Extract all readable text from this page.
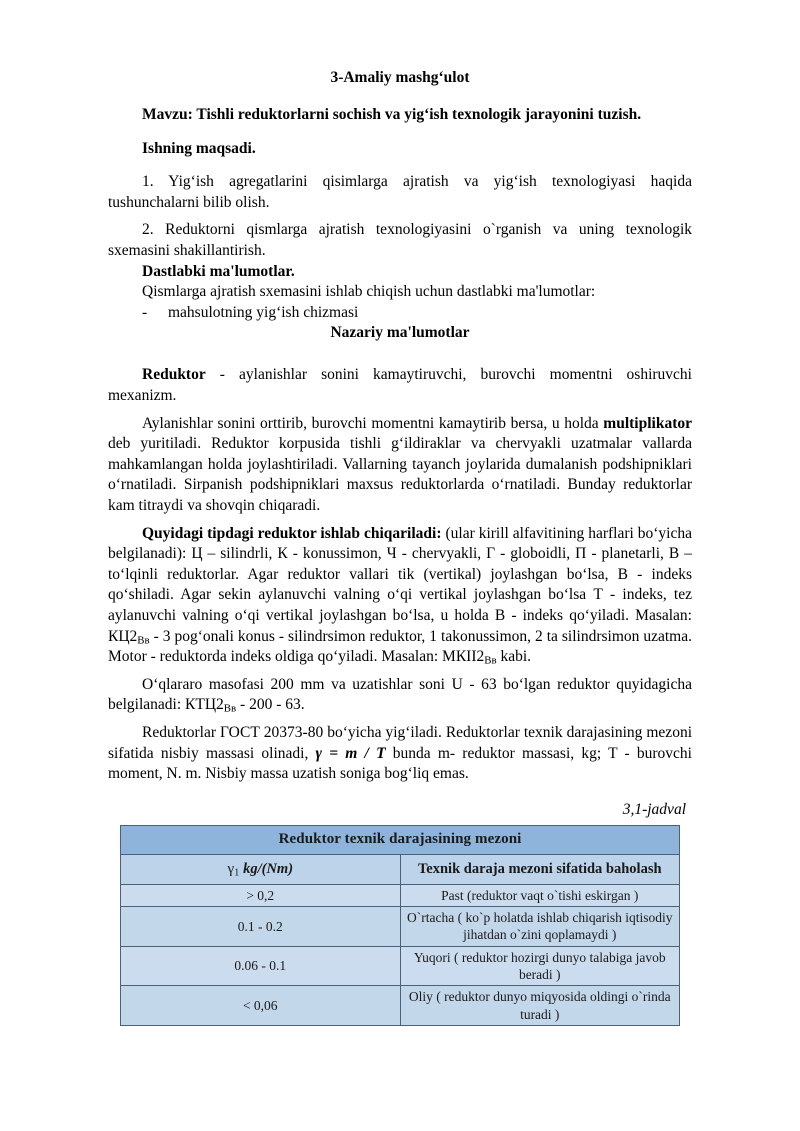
3-Amaliy mashg‘ulot

Mavzu: Tishli reduktorlarni sochish va yig‘ish texnologik jarayonini tuzish.

Ishning maqsadi.

1. Yig‘ish agregatlarini qisimlarga ajratish va yig‘ish texnologiyasi haqida tushunchalarni bilib olish.

2. Reduktorni qismlarga ajratish texnologiyasini o`rganish va uning texnologik sxemasini shakillantirish.

Dastlabki ma'lumotlar.

Qismlarga ajratish sxemasini ishlab chiqish uchun dastlabki ma'lumotlar:

- mahsulotning yig‘ish chizmasi

Nazariy ma'lumotlar

Reduktor - aylanishlar sonini kamaytiruvchi, burovchi momentni oshiruvchi mexanizm.

Aylanishlar sonini orttirib, burovchi momentni kamaytirib bersa, u holda multiplikator deb yuritiladi. Reduktor korpusida tishli g‘ildiraklar va chervyakli uzatmalar vallarda mahkamlangan holda joylashtiriladi. Vallarning tayanch joylarida dumalanish podshipniklari o‘rnatiladi. Sirpanish podshipniklari maxsus reduktorlarda o‘rnatiladi. Bunday reduktorlar kam titraydi va shovqin chiqaradi.

Quyidagi tipdagi reduktor ishlab chiqariladi: (ular kirill alfavitining harflari bo‘yicha belgilanadi): Ц – silindrli, К - konussimon, Ч - chervyakli, Г - globoidli, П - planetarli, В – to‘lqinli reduktorlar. Agar reduktor vallari tik (vertikal) joylashgan bo‘lsa, В - indeks qo‘shiladi. Agar sekin aylanuvchi valning o‘qi vertikal joylashgan bo‘lsa Т - indeks, tez aylanuvchi valning o‘qi vertikal joylashgan bo‘lsa, u holda В - indeks qo‘yiladi. Masalan: $КЦ2_{Вв} - 3$ pog‘onali konus - silindrsimon reduktor, 1 takonussimon, 2 ta silindrsimon uzatma. Motor - reduktorda indeks oldiga qo‘yiladi. Masalan: $МКII2_{Вв}$ kabi.

O‘qlararo masofasi 200 mm va uzatishlar soni U - 63 bo‘lgan reduktor quyidagicha belgilanadi: $КТЦ2_{Вв} - 200 - 63$.

Reduktorlar ГОСТ 20373-80 bo‘yicha yig‘iladi. Reduktorlar texnik darajasining mezoni sifatida nisbiy massasi olinadi, γ = m / T bunda m- reduktor massasi, kg; T - burovchi moment, N. m. Nisbiy massa uzatish soniga bog‘liq emas.

3,1-jadval
Reduktor texnik darajasining mezoni	
$\gamma_1$ kg/(Nm)	Texnik daraja mezoni sifatida baholash
> 0,2	Past (reduktor vaqt o`tishi eskirgan )
0.1 - 0.2	O`rtacha ( ko`p holatda ishlab chiqarish iqtisodiy jihatdan o`zini qoplamaydi )
0.06 - 0.1	Yuqori ( reduktor hozirgi dunyo talabiga javob beradi )
< 0,06	Oliy ( reduktor dunyo miqyosida oldingi o`rinda turadi )
